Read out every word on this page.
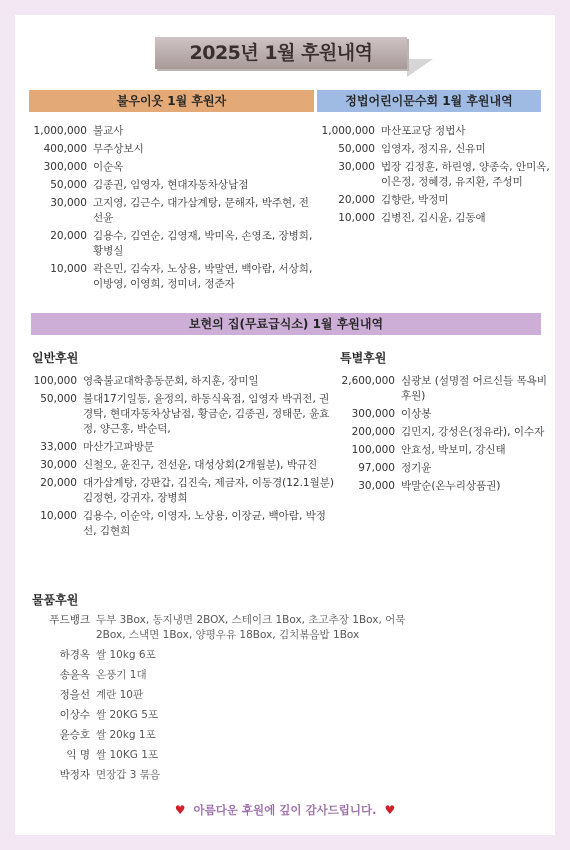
2025년 1월 후원내역
불우이웃 1월 후원자
1,000,000 불교사
400,000 무주상보시
300,000 이순옥
50,000 김종권, 임영자, 현대자동차상남점
30,000 고지영, 김근수, 대가삼계탕, 문해자, 박주현, 전선윤
20,000 김용수, 김연순, 김영재, 박미옥, 손영조, 장병희, 황병실
10,000 곽은민, 김숙자, 노상용, 박말연, 백아람, 서상희, 이방영, 이영희, 정미녀, 정준자
정법어린이문수회 1월 후원내역
1,000,000 마산포교당 정법사
50,000 임영자, 정지유, 신유미
30,000 법장 김정훈, 하린영, 양종숙, 안미옥, 이은정, 정혜경, 유지환, 주성미
20,000 김향란, 박정미
10,000 김병진, 김시윤, 김동애
보현의 집(무료급식소) 1월 후원내역
일반후원
100,000 영축불교대학총동문회, 하지훈, 장미일
50,000 불대17기일동, 윤정의, 하동식육점, 임영자 박귀전, 권경탁, 현대자동차상남점, 황금순, 김종권, 정태문, 윤효정, 양근홍, 박순덕,
33,000 마산가고파방문
30,000 신철오, 윤진구, 전선윤, 대성상회(2개월분), 박규진
20,000 대가삼계탕, 강판갑, 김진숙, 제금자, 이동경(12.1월분) 김정현, 강귀자, 장병희
10,000 김용수, 이순악, 이영자, 노상용, 이장균, 백아람, 박정선, 김현희
특별후원
2,600,000 심광보 (설명절 어르신들 목욕비 후원)
300,000 이상봉
200,000 김민지, 강성은(정유라), 이수자
100,000 안효성, 박보미, 강신태
97,000 정기윤
30,000 박말순(온누리상품권)
물품후원
푸드뱅크 두부 3Box, 동지냉면 2BOX, 스테이크 1Box, 초고추장 1Box, 어묵 2Box, 스낵면 1Box, 양평우유 18Box, 김치볶음밥 1Box
하경옥 쌀 10kg 6포
송윤옥 온풍기 1대
정을선 계란 10판
이상수 쌀 20KG 5포
윤승호 쌀 20kg 1포
익 명 쌀 10KG 1포
박정자 면장갑 3 묶음
♥ 아름다운 후원에 깊이 감사드립니다. ♥
